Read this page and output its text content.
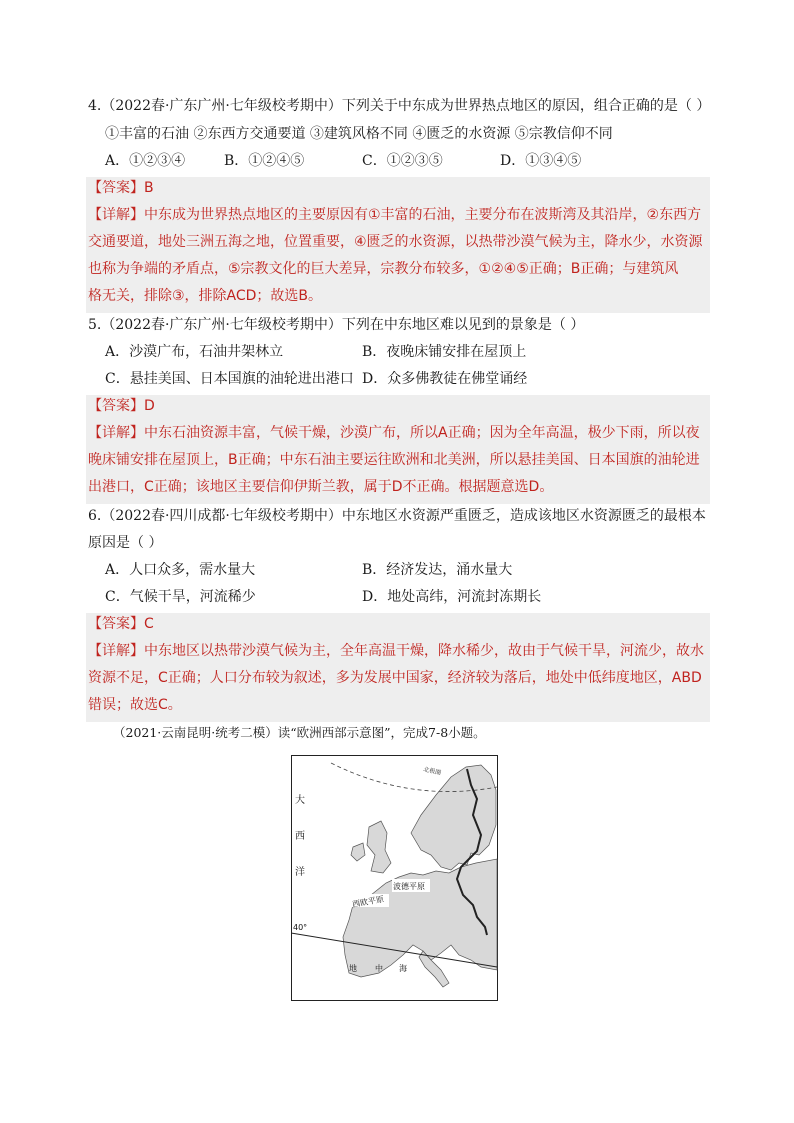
4.（2022春·广东广州·七年级校考期中）下列关于中东成为世界热点地区的原因，组合正确的是（ ）
①丰富的石油 ②东西方交通要道 ③建筑风格不同 ④匮乏的水资源 ⑤宗教信仰不同
A．①②③④	B．①②④⑤	C．①②③⑤	D．①③④⑤
【答案】B
【详解】中东成为世界热点地区的主要原因有①丰富的石油，主要分布在波斯湾及其沿岸，②东西方
交通要道，地处三洲五海之地，位置重要，④匮乏的水资源，以热带沙漠气候为主，降水少，水资源
也称为争端的矛盾点，⑤宗教文化的巨大差异，宗教分布较多，①②④⑤正确；B正确；与建筑风
格无关，排除③，排除ACD；故选B。
5.（2022春·广东广州·七年级校考期中）下列在中东地区难以见到的景象是（ ）
A．沙漠广布，石油井架林立	B．夜晚床铺安排在屋顶上
C．悬挂美国、日本国旗的油轮进出港口 D．众多佛教徒在佛堂诵经
【答案】D
【详解】中东石油资源丰富，气候干燥，沙漠广布，所以A正确；因为全年高温，极少下雨，所以夜
晚床铺安排在屋顶上，B正确；中东石油主要运往欧洲和北美洲，所以悬挂美国、日本国旗的油轮进
出港口，C正确；该地区主要信仰伊斯兰教，属于D不正确。根据题意选D。
6.（2022春·四川成都·七年级校考期中）中东地区水资源严重匮乏，造成该地区水资源匮乏的最根本
原因是（ ）
A．人口众多，需水量大	B．经济发达，涌水量大
C．气候干旱，河流稀少	D．地处高纬，河流封冻期长
【答案】C
【详解】中东地区以热带沙漠气候为主，全年高温干燥，降水稀少，故由于气候干旱，河流少，故水
资源不足，C正确；人口分布较为叙述，多为发展中国家，经济较为落后，地处中低纬度地区，ABD
错误；故选C。
（2021·云南昆明·统考二模）读“欧洲西部示意图”，完成7-8小题。
北极圈
大
西
洋
西欧平原
波德平原
40°
地 中 海
